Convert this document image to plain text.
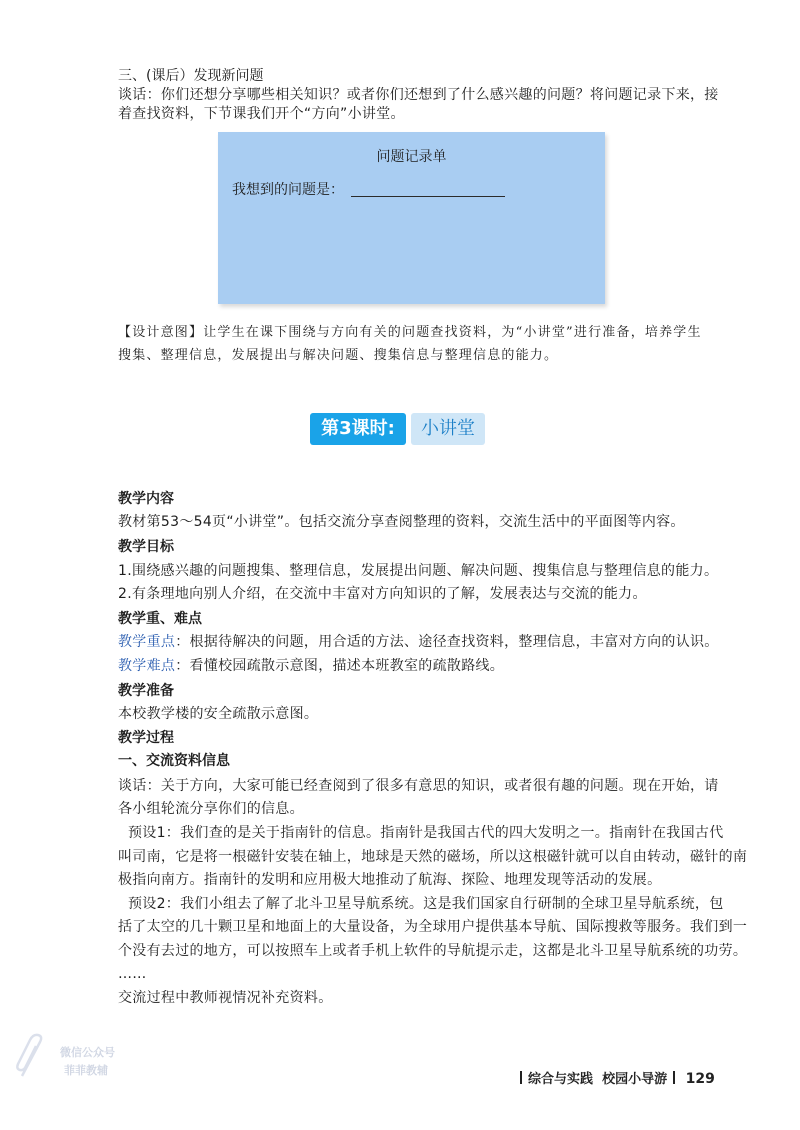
三、(课后）发现新问题
谈话：你们还想分享哪些相关知识？或者你们还想到了什么感兴趣的问题？将问题记录下来，接
着查找资料，下节课我们开个“方向”小讲堂。
问题记录单
我想到的问题是：
【设计意图】让学生在课下围绕与方向有关的问题查找资料，为“小讲堂”进行准备，培养学生
搜集、整理信息，发展提出与解决问题、搜集信息与整理信息的能力。
第3课时:	小讲堂
教学内容
教材第53～54页“小讲堂”。包括交流分享查阅整理的资料，交流生活中的平面图等内容。
教学目标
1.围绕感兴趣的问题搜集、整理信息，发展提出问题、解决问题、搜集信息与整理信息的能力。
2.有条理地向别人介绍，在交流中丰富对方向知识的了解，发展表达与交流的能力。
教学重、难点
教学重点：根据待解决的问题，用合适的方法、途径查找资料，整理信息，丰富对方向的认识。
教学难点：看懂校园疏散示意图，描述本班教室的疏散路线。
教学准备
本校教学楼的安全疏散示意图。
教学过程
一、交流资料信息
谈话：关于方向，大家可能已经查阅到了很多有意思的知识，或者很有趣的问题。现在开始，请
各小组轮流分享你们的信息。
预设1：我们查的是关于指南针的信息。指南针是我国古代的四大发明之一。指南针在我国古代
叫司南，它是将一根磁针安装在轴上，地球是天然的磁场，所以这根磁针就可以自由转动，磁针的南
极指向南方。指南针的发明和应用极大地推动了航海、探险、地理发现等活动的发展。
预设2：我们小组去了解了北斗卫星导航系统。这是我们国家自行研制的全球卫星导航系统，包
括了太空的几十颗卫星和地面上的大量设备，为全球用户提供基本导航、国际搜救等服务。我们到一
个没有去过的地方，可以按照车上或者手机上软件的导航提示走，这都是北斗卫星导航系统的功劳。
……
交流过程中教师视情况补充资料。
微信公众号
菲菲教辅
综合与实践 校园小导游 129
